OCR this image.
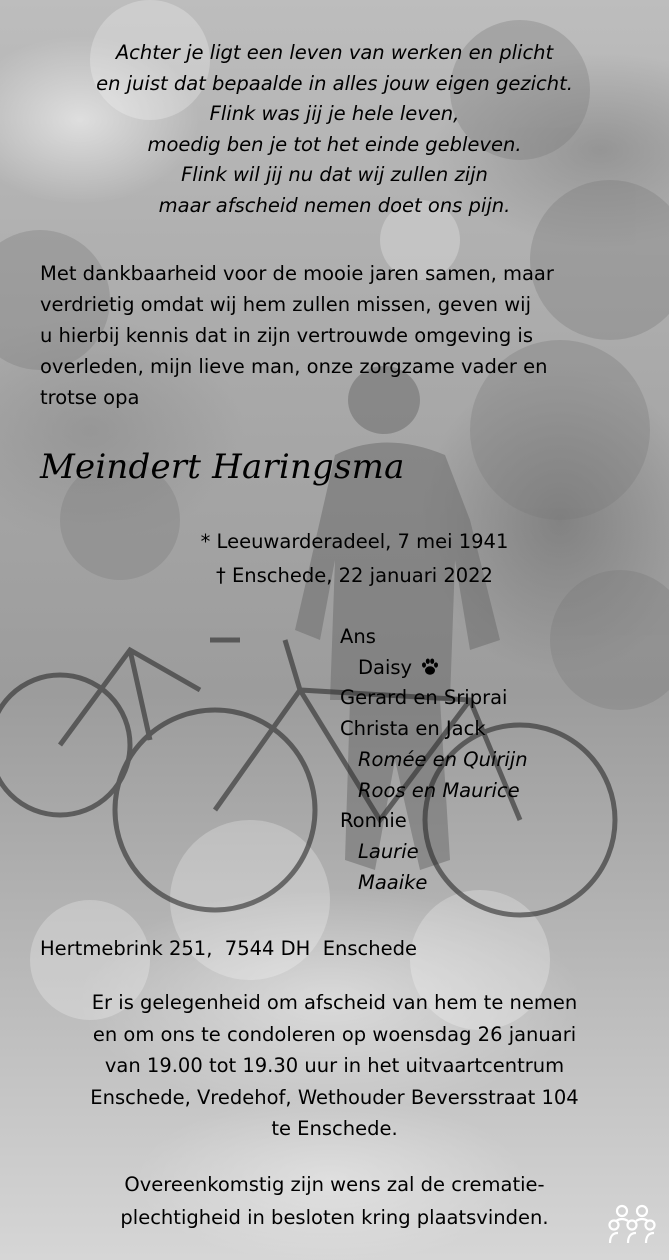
Achter je ligt een leven van werken en plicht
en juist dat bepaalde in alles jouw eigen gezicht.
Flink was jij je hele leven,
moedig ben je tot het einde gebleven.
Flink wil jij nu dat wij zullen zijn
maar afscheid nemen doet ons pijn.
Met dankbaarheid voor de mooie jaren samen, maar
verdrietig omdat wij hem zullen missen, geven wij
u hierbij kennis dat in zijn vertrouwde omgeving is
overleden, mijn lieve man, onze zorgzame vader en
trotse opa
Meindert Haringsma
* Leeuwarderadeel, 7 mei 1941
† Enschede, 22 januari 2022
Ans
Daisy
Gerard en Sriprai
Christa en Jack
Romée en Quirijn
Roos en Maurice
Ronnie
Laurie
Maaike
Hertmebrink 251,  7544 DH  Enschede
Er is gelegenheid om afscheid van hem te nemen
en om ons te condoleren op woensdag 26 januari
van 19.00 tot 19.30 uur in het uitvaartcentrum
Enschede, Vredehof, Wethouder Beversstraat 104
te Enschede.
Overeenkomstig zijn wens zal de crematie-
plechtigheid in besloten kring plaatsvinden.
